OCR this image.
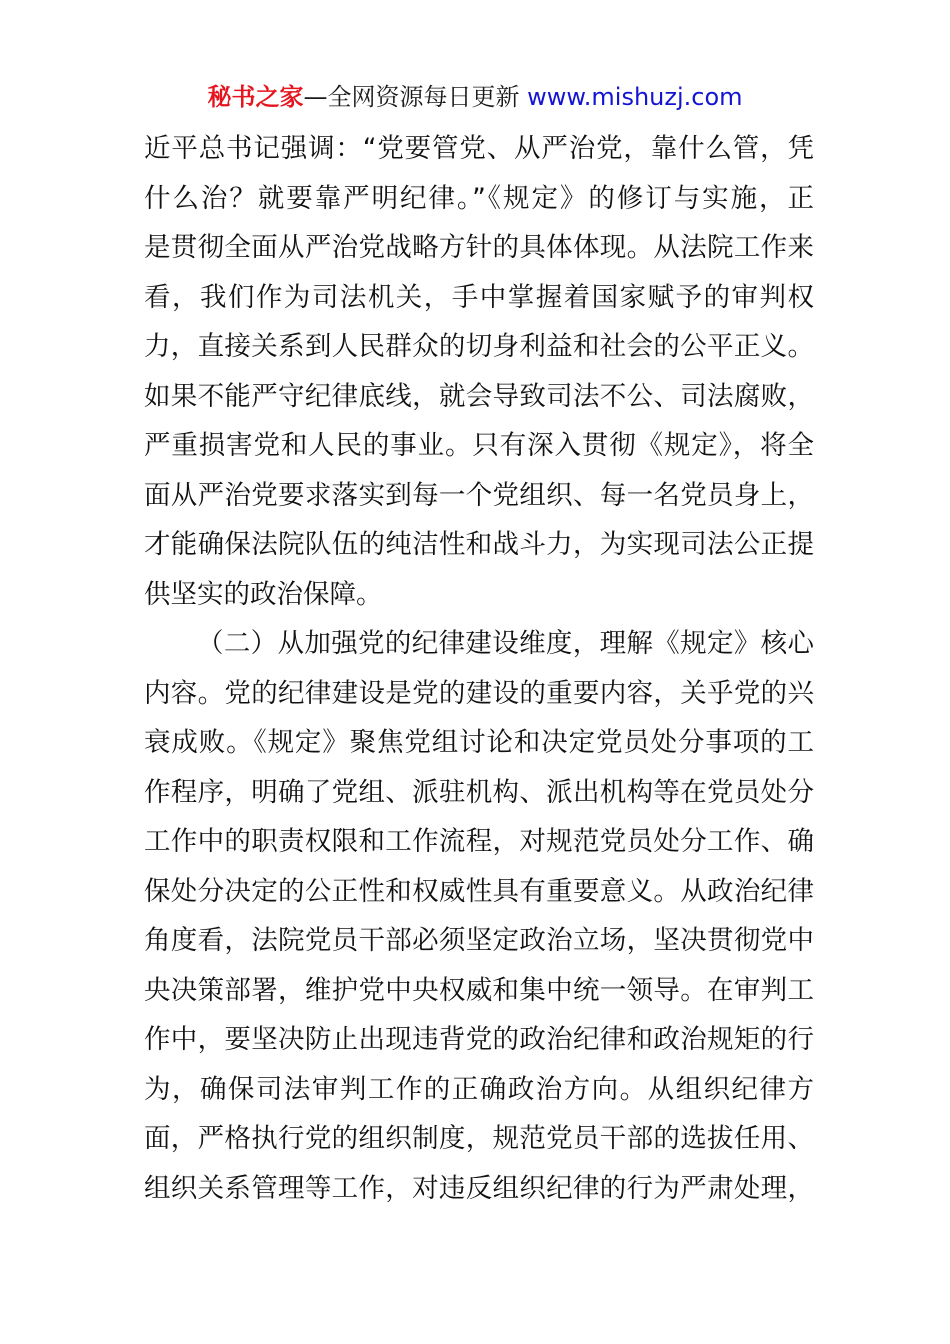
秘书之家—全网资源每日更新 www.mishuzj.com
近平总书记强调：“党要管党、从严治党，靠什么管，凭
什么治？就要靠严明纪律。”《规定》的修订与实施，正
是贯彻全面从严治党战略方针的具体体现。从法院工作来
看，我们作为司法机关，手中掌握着国家赋予的审判权
力，直接关系到人民群众的切身利益和社会的公平正义。
如果不能严守纪律底线，就会导致司法不公、司法腐败，
严重损害党和人民的事业。只有深入贯彻《规定》，将全
面从严治党要求落实到每一个党组织、每一名党员身上，
才能确保法院队伍的纯洁性和战斗力，为实现司法公正提
供坚实的政治保障。
（二）从加强党的纪律建设维度，理解《规定》核心
内容。党的纪律建设是党的建设的重要内容，关乎党的兴
衰成败。《规定》聚焦党组讨论和决定党员处分事项的工
作程序，明确了党组、派驻机构、派出机构等在党员处分
工作中的职责权限和工作流程，对规范党员处分工作、确
保处分决定的公正性和权威性具有重要意义。从政治纪律
角度看，法院党员干部必须坚定政治立场，坚决贯彻党中
央决策部署，维护党中央权威和集中统一领导。在审判工
作中，要坚决防止出现违背党的政治纪律和政治规矩的行
为，确保司法审判工作的正确政治方向。从组织纪律方
面，严格执行党的组织制度，规范党员干部的选拔任用、
组织关系管理等工作，对违反组织纪律的行为严肃处理，
